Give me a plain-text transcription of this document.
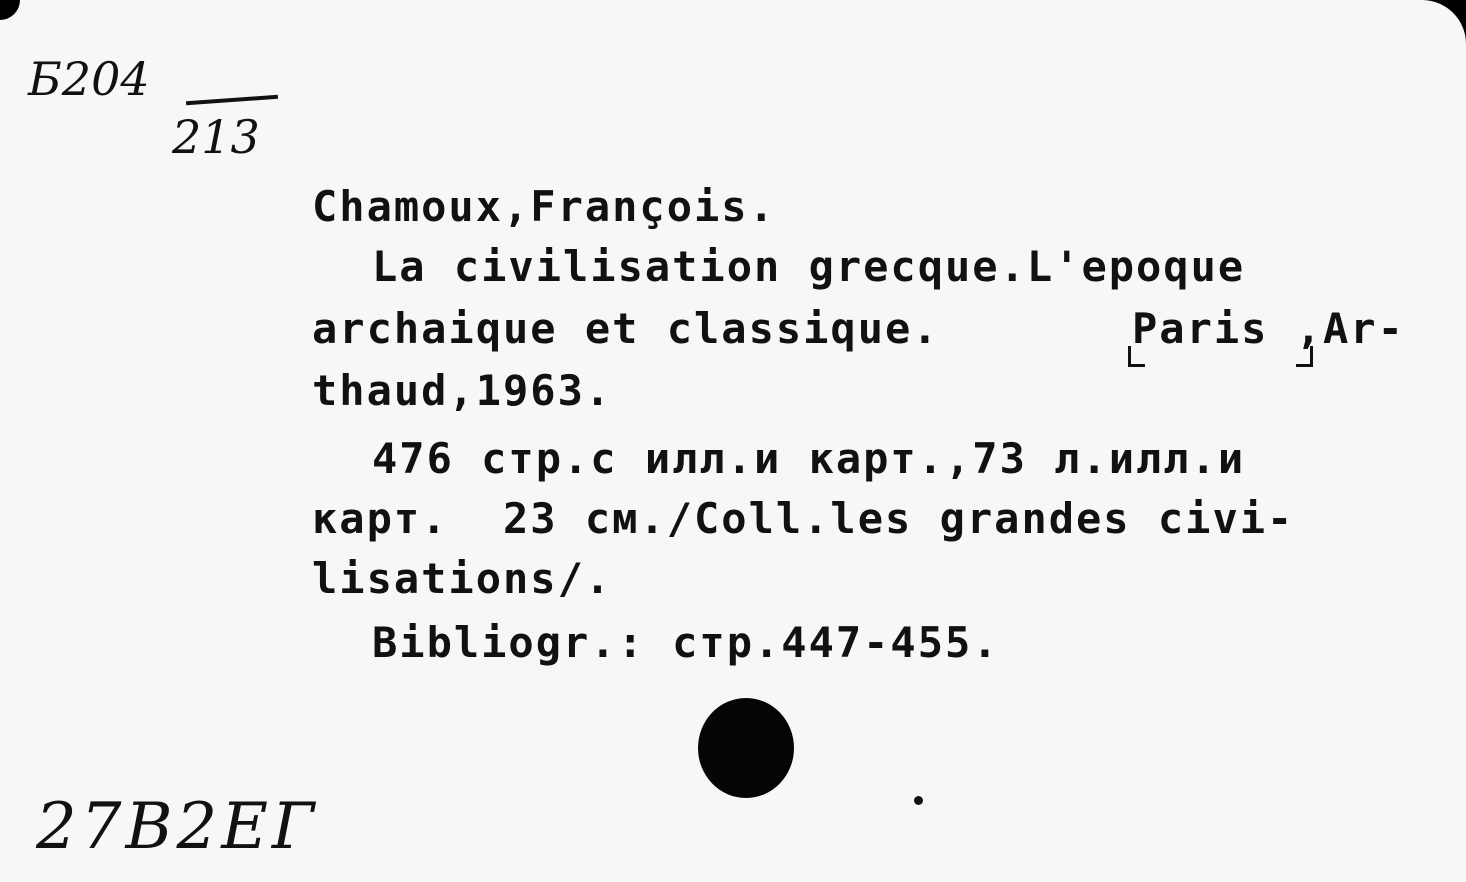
Б204
213
Chamoux,François.
La civilisation grecque.L'epoque
archaique et classique.	Paris ,Ar-
thaud,1963.
476 стр.с илл.и карт.,73 л.илл.и
карт.  23 см./Coll.les grandes civi-
lisations/.
Bibliogr.: стр.447-455.
27В2ЕГ
